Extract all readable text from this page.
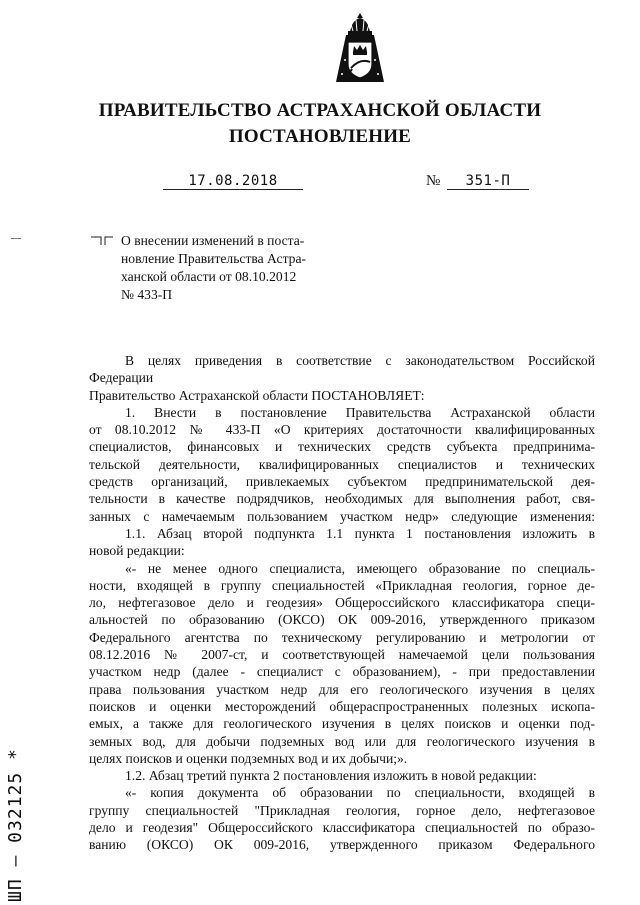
ПРАВИТЕЛЬСТВО АСТРАХАНСКОЙ ОБЛАСТИ
ПОСТАНОВЛЕНИЕ
17.08.2018	№	351-П
О внесении изменений в поста-
новление Правительства Астра-
ханской области от 08.10.2012
№ 433-П
В целях приведения в соответствие с законодательством Российской
Федерации
Правительство Астраханской области ПОСТАНОВЛЯЕТ:
1. Внести в постановление Правительства Астраханской области
от 08.10.2012 № 433-П «О критериях достаточности квалифицированных
специалистов, финансовых и технических средств субъекта предпринима-
тельской деятельности, квалифицированных специалистов и технических
средств организаций, привлекаемых субъектом предпринимательской дея-
тельности в качестве подрядчиков, необходимых для выполнения работ, свя-
занных с намечаемым пользованием участком недр» следующие изменения:
1.1. Абзац второй подпункта 1.1 пункта 1 постановления изложить в
новой редакции:
«- не менее одного специалиста, имеющего образование по специаль-
ности, входящей в группу специальностей «Прикладная геология, горное де-
ло, нефтегазовое дело и геодезия» Общероссийского классификатора специ-
альностей по образованию (ОКСО) ОК 009-2016, утвержденного приказом
Федерального агентства по техническому регулированию и метрологии от
08.12.2016 № 2007-ст, и соответствующей намечаемой цели пользования
участком недр (далее - специалист с образованием), - при предоставлении
права пользования участком недр для его геологического изучения в целях
поисков и оценки месторождений общераспространенных полезных ископа-
емых, а также для геологического изучения в целях поисков и оценки под-
земных вод, для добычи подземных вод или для геологического изучения в
целях поисков и оценки подземных вод и их добычи;».
1.2. Абзац третий пункта 2 постановления изложить в новой редакции:
«- копия документа об образовании по специальности, входящей в
группу специальностей "Прикладная геология, горное дело, нефтегазовое
дело и геодезия" Общероссийского классификатора специальностей по образо-
ванию (ОКСО) ОК 009-2016, утвержденного приказом Федерального
ШП – 032125 *
